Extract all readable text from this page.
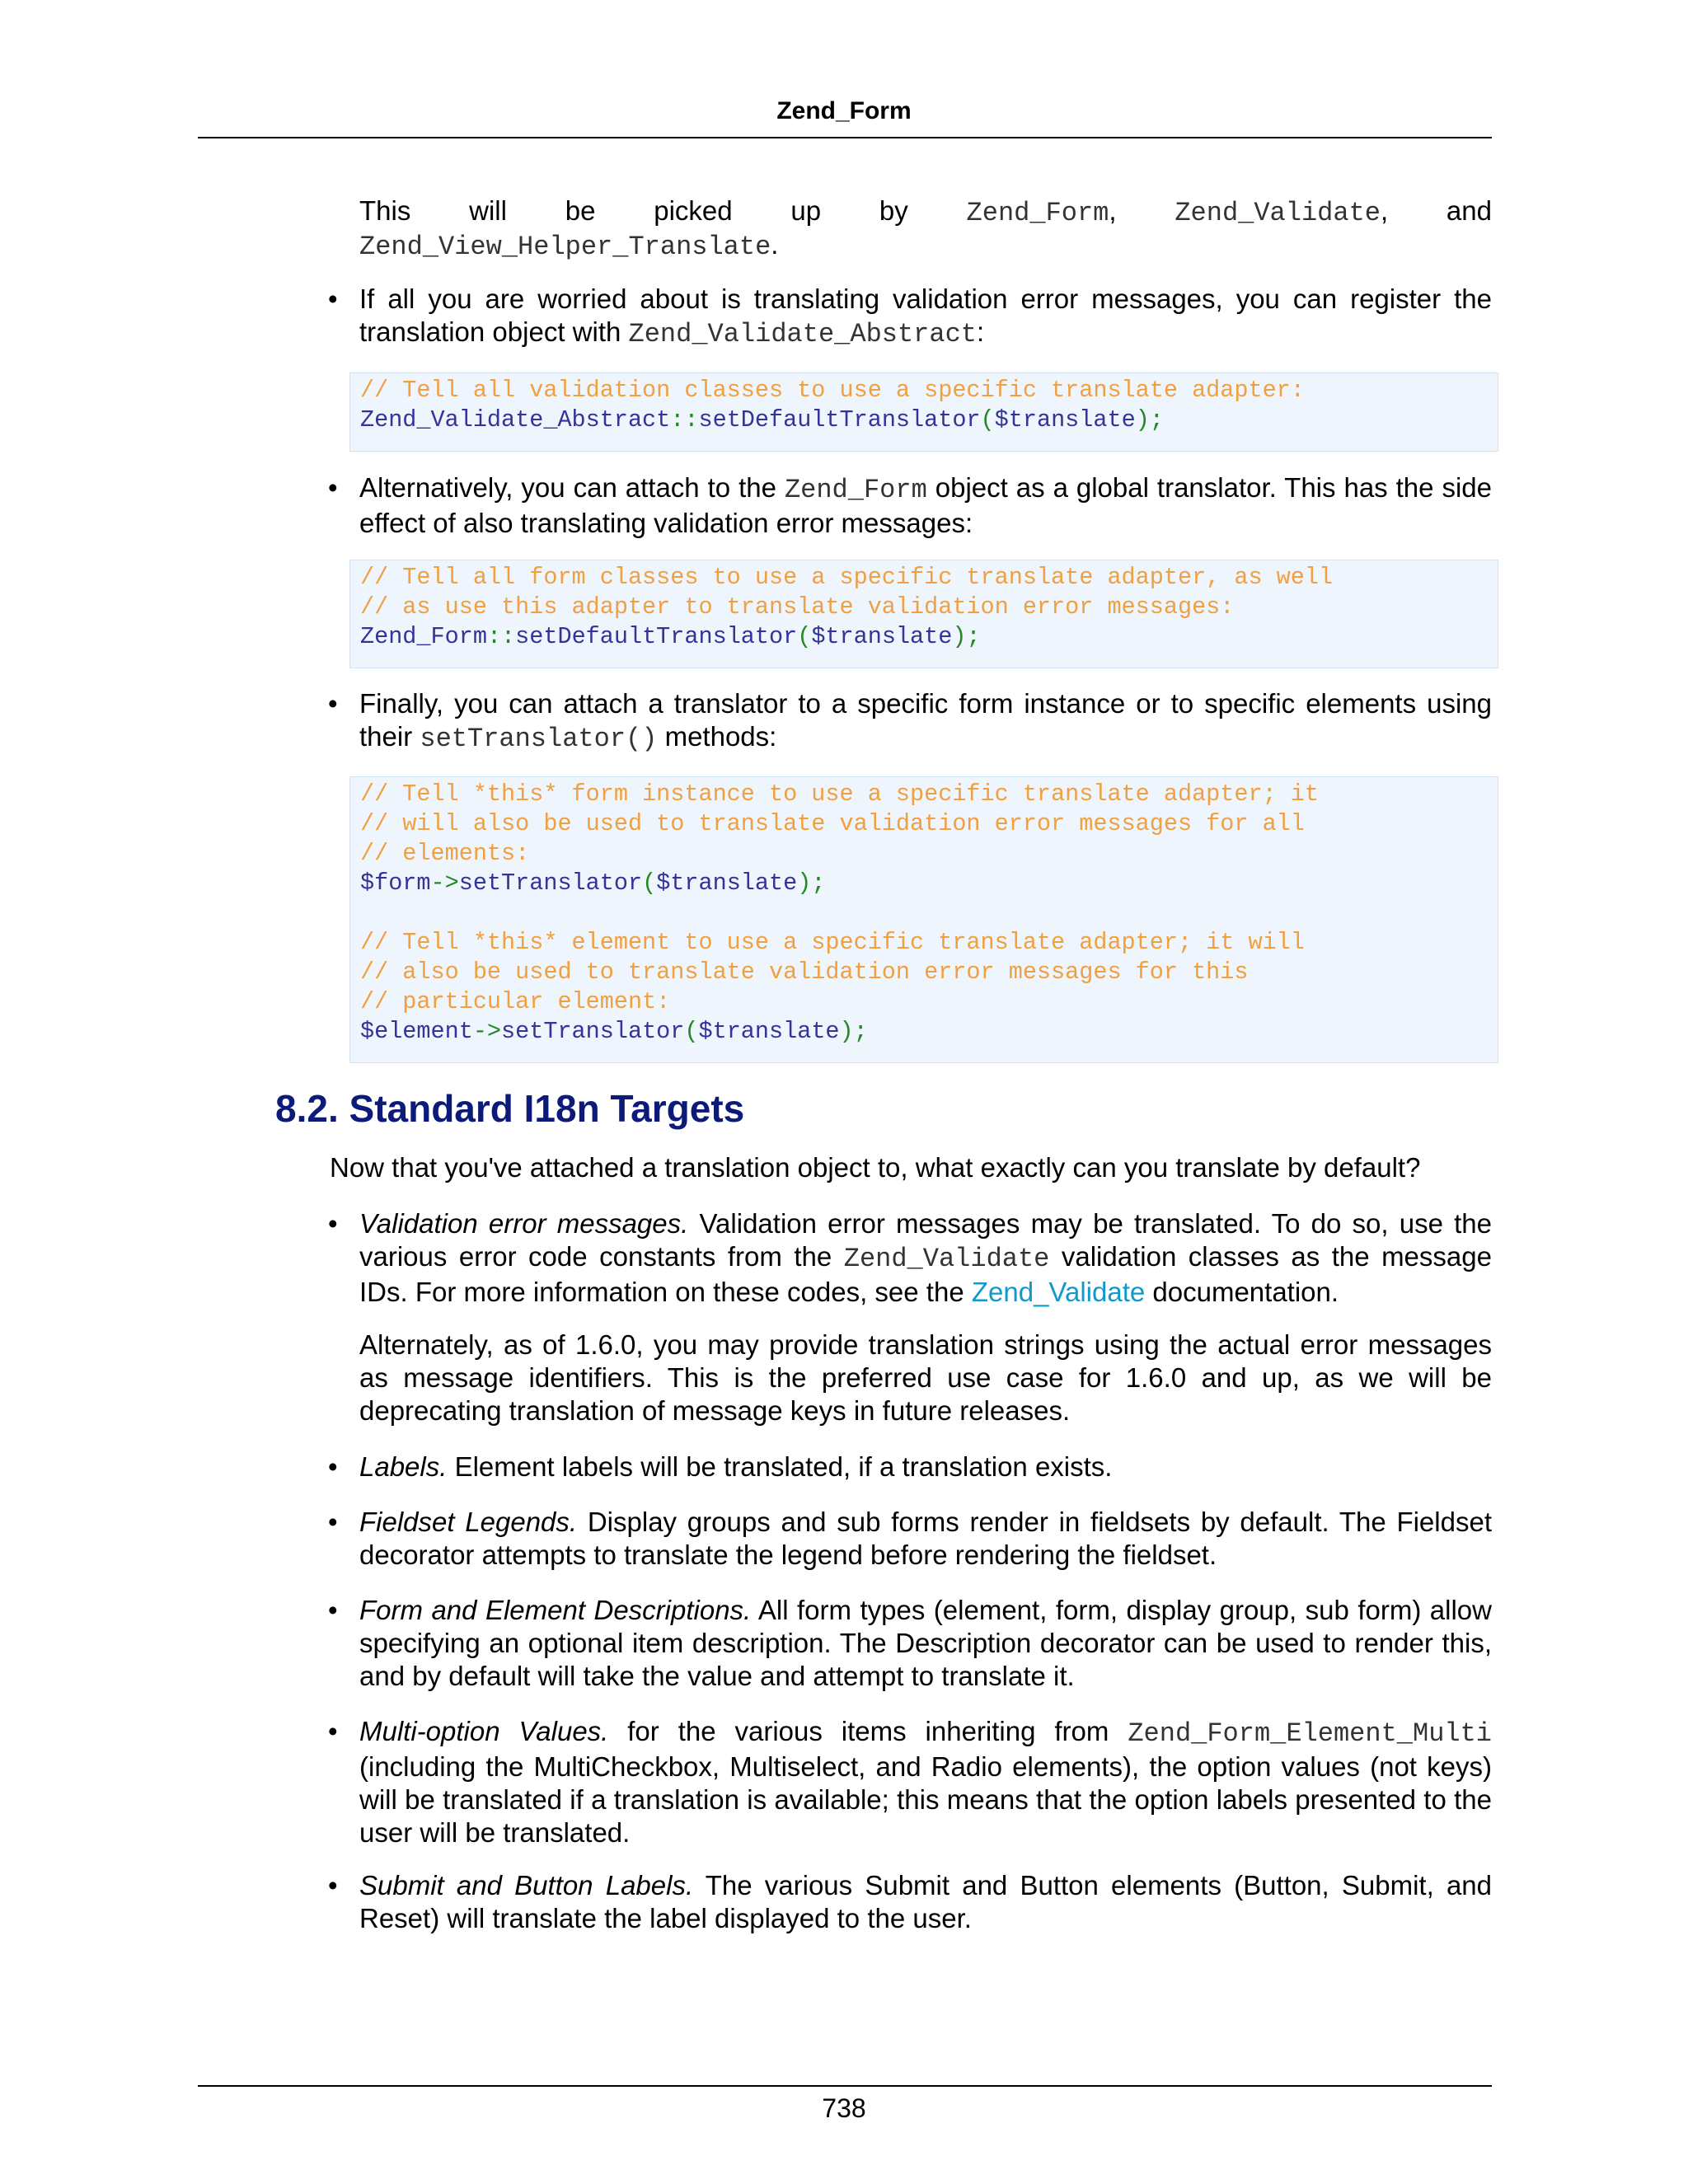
Zend_Form
This will be picked up by Zend_Form, Zend_Validate, and
Zend_View_Helper_Translate.
• If all you are worried about is translating validation error messages, you can register the translation object with Zend_Validate_Abstract:
// Tell all validation classes to use a specific translate adapter:
Zend_Validate_Abstract::setDefaultTranslator($translate);
• Alternatively, you can attach to the Zend_Form object as a global translator. This has the side effect of also translating validation error messages:
// Tell all form classes to use a specific translate adapter, as well
// as use this adapter to translate validation error messages:
Zend_Form::setDefaultTranslator($translate);
• Finally, you can attach a translator to a specific form instance or to specific elements using their setTranslator() methods:
// Tell *this* form instance to use a specific translate adapter; it
// will also be used to translate validation error messages for all
// elements:
$form->setTranslator($translate);

// Tell *this* element to use a specific translate adapter; it will
// also be used to translate validation error messages for this
// particular element:
$element->setTranslator($translate);
8.2. Standard I18n Targets
Now that you've attached a translation object to, what exactly can you translate by default?
• Validation error messages. Validation error messages may be translated. To do so, use the various error code constants from the Zend_Validate validation classes as the message IDs. For more information on these codes, see the Zend_Validate documentation.
Alternately, as of 1.6.0, you may provide translation strings using the actual error messages as message identifiers. This is the preferred use case for 1.6.0 and up, as we will be deprecating translation of message keys in future releases.
• Labels. Element labels will be translated, if a translation exists.
• Fieldset Legends. Display groups and sub forms render in fieldsets by default. The Fieldset decorator attempts to translate the legend before rendering the fieldset.
• Form and Element Descriptions. All form types (element, form, display group, sub form) allow specifying an optional item description. The Description decorator can be used to render this, and by default will take the value and attempt to translate it.
• Multi-option Values. for the various items inheriting from Zend_Form_Element_Multi (including the MultiCheckbox, Multiselect, and Radio elements), the option values (not keys) will be translated if a translation is available; this means that the option labels presented to the user will be translated.
• Submit and Button Labels. The various Submit and Button elements (Button, Submit, and Reset) will translate the label displayed to the user.
738
